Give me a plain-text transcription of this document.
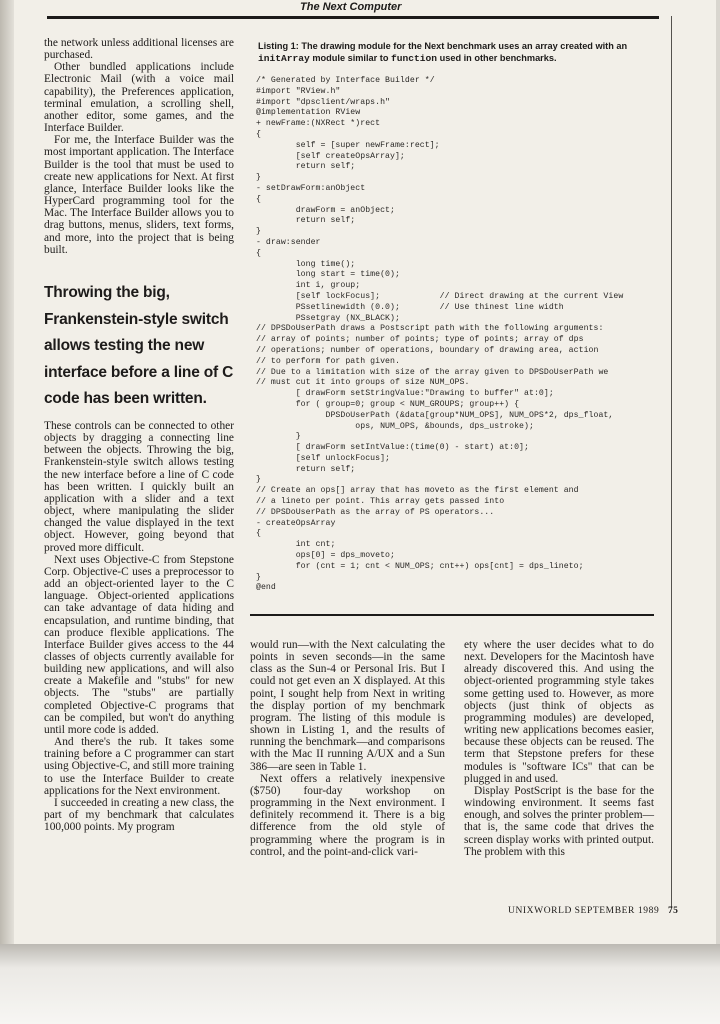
The Next Computer

the network unless additional licenses are purchased.

Other bundled applications include Electronic Mail (with a voice mail capability), the Preferences application, terminal emulation, a scrolling shell, another editor, some games, and the Interface Builder.

For me, the Interface Builder was the most important application. The Interface Builder is the tool that must be used to create new applications for Next. At first glance, Interface Builder looks like the HyperCard programming tool for the Mac. The Interface Builder allows you to drag buttons, menus, sliders, text forms, and more, into the project that is being built.

Throwing the big, Frankenstein-style switch allows testing the new interface before a line of C code has been written.

These controls can be connected to other objects by dragging a connecting line between the objects. Throwing the big, Frankenstein-style switch allows testing the new interface before a line of C code has been written. I quickly built an application with a slider and a text object, where manipulating the slider changed the value displayed in the text object. However, going beyond that proved more difficult.

Next uses Objective-C from Stepstone Corp. Objective-C uses a preprocessor to add an object-oriented layer to the C language. Object-oriented applications can take advantage of data hiding and encapsulation, and runtime binding, that can produce flexible applications. The Interface Builder gives access to the 44 classes of objects currently available for building new applications, and will also create a Makefile and "stubs" for new objects. The "stubs" are partially completed Objective-C programs that can be compiled, but won't do anything until more code is added.

And there's the rub. It takes some training before a C programmer can start using Objective-C, and still more training to use the Interface Builder to create applications for the Next environment.

I succeeded in creating a new class, the part of my benchmark that calculates 100,000 points. My program

Listing 1: The drawing module for the Next benchmark uses an array created with an initArray module similar to function used in other benchmarks.
/* Generated by Interface Builder */
#import "RView.h"
#import "dpsclient/wraps.h"
@implementation RView
+ newFrame:(NXRect *)rect
{
self = [super newFrame:rect];
[self createOpsArray];
return self;
}
- setDrawForm:anObject
{
drawForm = anObject;
return self;
}
- draw:sender
{
long time();
long start = time(0);
int i, group;
[self lockFocus];            // Direct drawing at the current View
PSsetlinewidth (0.0);        // Use thinest line width
PSsetgray (NX_BLACK);
// DPSDoUserPath draws a Postscript path with the following arguments:
// array of points; number of points; type of points; array of dps
// operations; number of operations, boundary of drawing area, action
// to perform for path given.
// Due to a limitation with size of the array given to DPSDoUserPath we
// must cut it into groups of size NUM_OPS.
[ drawForm setStringValue:"Drawing to buffer" at:0];
for ( group=0; group < NUM_GROUPS; group++) {
DPSDoUserPath (&data[group*NUM_OPS], NUM_OPS*2, dps_float,
ops, NUM_OPS, &bounds, dps_ustroke);
}
[ drawForm setIntValue:(time(0) - start) at:0];
[self unlockFocus];
return self;
}
// Create an ops[] array that has moveto as the first element and
// a lineto per point. This array gets passed into
// DPSDoUserPath as the array of PS operators...
- createOpsArray
{
int cnt;
ops[0] = dps_moveto;
for (cnt = 1; cnt < NUM_OPS; cnt++) ops[cnt] = dps_lineto;
}
@end

would run—with the Next calculating the points in seven seconds—in the same class as the Sun-4 or Personal Iris. But I could not get even an X displayed. At this point, I sought help from Next in writing the display portion of my benchmark program. The listing of this module is shown in Listing 1, and the results of running the benchmark—and comparisons with the Mac II running A/UX and a Sun 386—are seen in Table 1.

Next offers a relatively inexpensive ($750) four-day workshop on programming in the Next environment. I definitely recommend it. There is a big difference from the old style of programming where the program is in control, and the point-and-click vari-

ety where the user decides what to do next. Developers for the Macintosh have already discovered this. And using the object-oriented programming style takes some getting used to. However, as more objects (just think of objects as programming modules) are developed, writing new applications becomes easier, because these objects can be reused. The term that Stepstone prefers for these modules is "software ICs" that can be plugged in and used.

Display PostScript is the base for the windowing environment. It seems fast enough, and solves the printer problem—that is, the same code that drives the screen display works with printed output. The problem with this

UNIXWORLD SEPTEMBER 1989 75
